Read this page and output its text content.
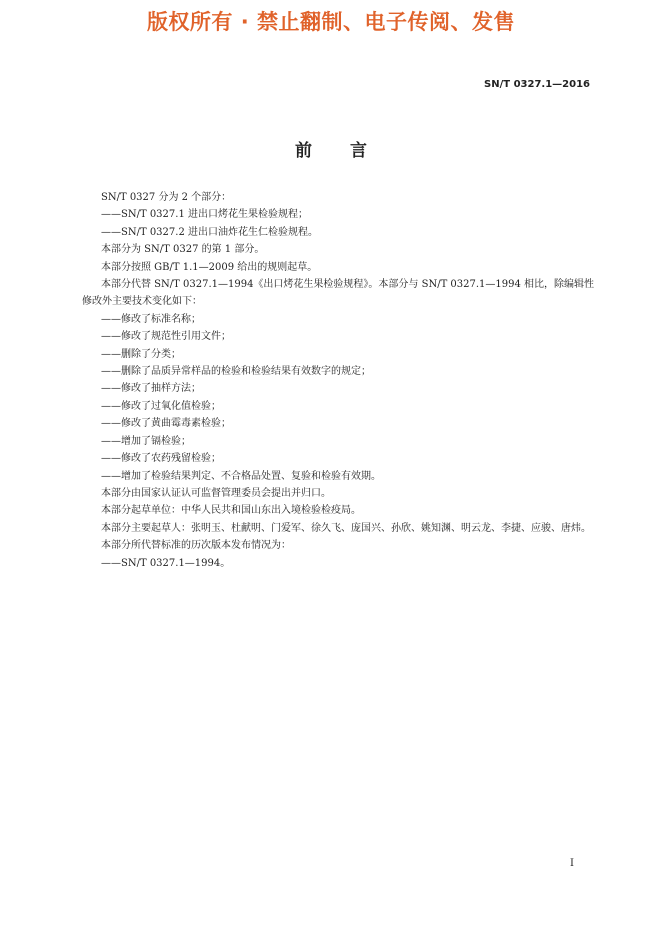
版权所有 · 禁止翻制、电子传阅、发售
SN/T 0327.1—2016
前言

SN/T 0327 分为 2 个部分：

——SN/T 0327.1 进出口烤花生果检验规程；

——SN/T 0327.2 进出口油炸花生仁检验规程。

本部分为 SN/T 0327 的第 1 部分。

本部分按照 GB/T 1.1—2009 给出的规则起草。

本部分代替 SN/T 0327.1—1994《出口烤花生果检验规程》。本部分与 SN/T 0327.1—1994 相比，除编辑性修改外主要技术变化如下：

——修改了标准名称；

——修改了规范性引用文件；

——删除了分类；

——删除了品质异常样品的检验和检验结果有效数字的规定；

——修改了抽样方法；

——修改了过氧化值检验；

——修改了黄曲霉毒素检验；

——增加了镉检验；

——修改了农药残留检验；

——增加了检验结果判定、不合格品处置、复验和检验有效期。

本部分由国家认证认可监督管理委员会提出并归口。

本部分起草单位：中华人民共和国山东出入境检验检疫局。

本部分主要起草人：张明玉、杜献明、门爱军、徐久飞、庞国兴、孙欣、姚知渊、明云龙、李捷、应骏、唐炜。

本部分所代替标准的历次版本发布情况为：

——SN/T 0327.1—1994。

I
